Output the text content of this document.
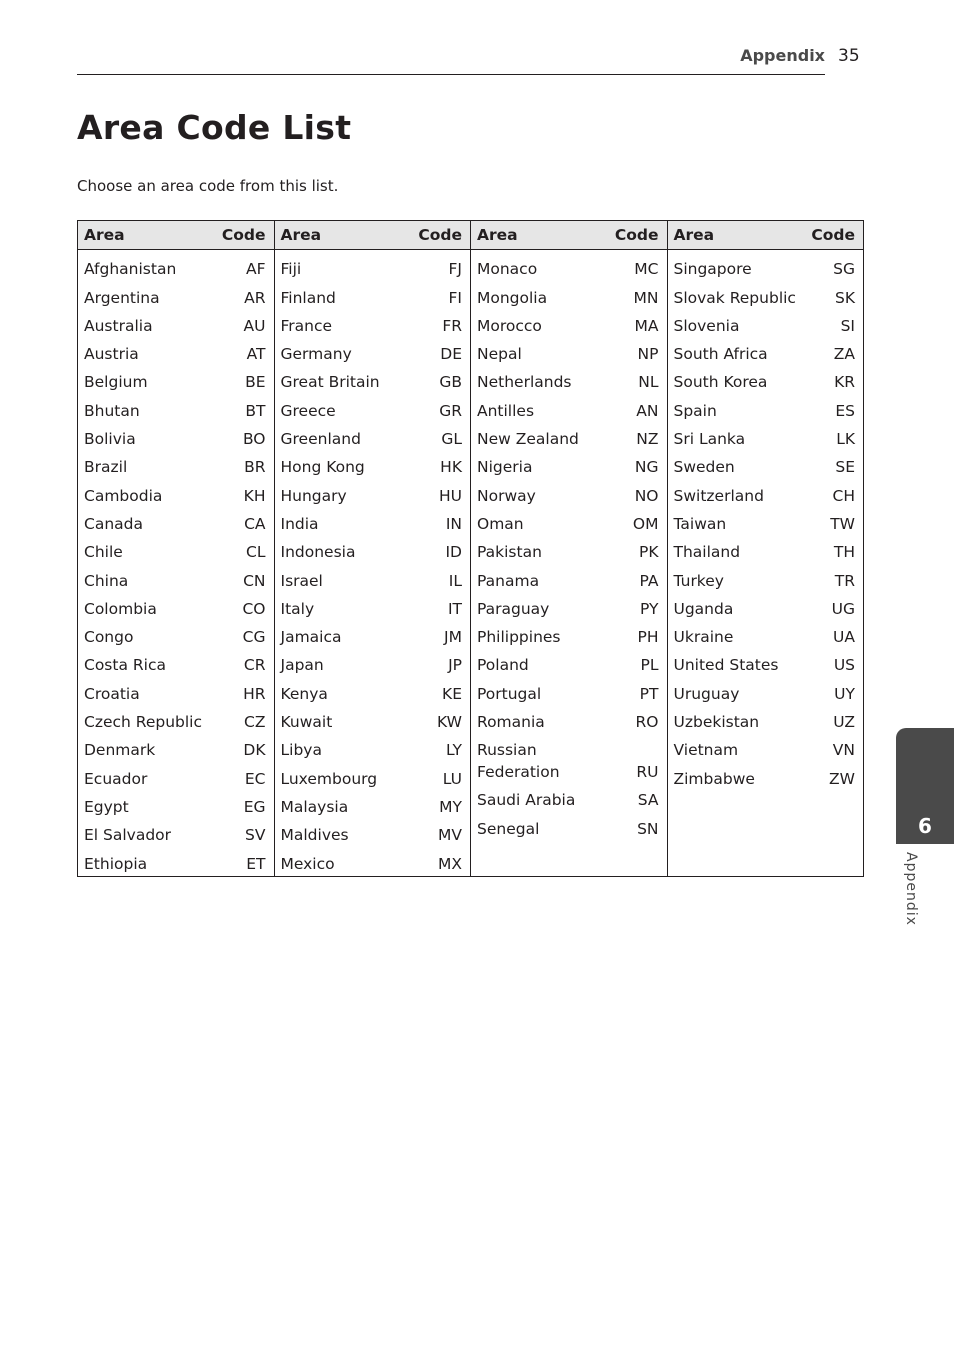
Appendix 35
Area Code List
Choose an area code from this list.
Area	Code
Afghanistan	AF
Argentina	AR
Australia	AU
Austria	AT
Belgium	BE
Bhutan	BT
Bolivia	BO
Brazil	BR
Cambodia	KH
Canada	CA
Chile	CL
China	CN
Colombia	CO
Congo	CG
Costa Rica	CR
Croatia	HR
Czech Republic	CZ
Denmark	DK
Ecuador	EC
Egypt	EG
El Salvador	SV
Ethiopia	ET
Area	Code
Fiji	FJ
Finland	FI
France	FR
Germany	DE
Great Britain	GB
Greece	GR
Greenland	GL
Hong Kong	HK
Hungary	HU
India	IN
Indonesia	ID
Israel	IL
Italy	IT
Jamaica	JM
Japan	JP
Kenya	KE
Kuwait	KW
Libya	LY
Luxembourg	LU
Malaysia	MY
Maldives	MV
Mexico	MX
Area	Code
Monaco	MC
Mongolia	MN
Morocco	MA
Nepal	NP
Netherlands	NL
Antilles	AN
New Zealand	NZ
Nigeria	NG
Norway	NO
Oman	OM
Pakistan	PK
Panama	PA
Paraguay	PY
Philippines	PH
Poland	PL
Portugal	PT
Romania	RO
Russian Federation	RU
Saudi Arabia	SA
Senegal	SN
Area	Code
Singapore	SG
Slovak Republic	SK
Slovenia	SI
South Africa	ZA
South Korea	KR
Spain	ES
Sri Lanka	LK
Sweden	SE
Switzerland	CH
Taiwan	TW
Thailand	TH
Turkey	TR
Uganda	UG
Ukraine	UA
United States	US
Uruguay	UY
Uzbekistan	UZ
Vietnam	VN
Zimbabwe	ZW
6
Appendix
